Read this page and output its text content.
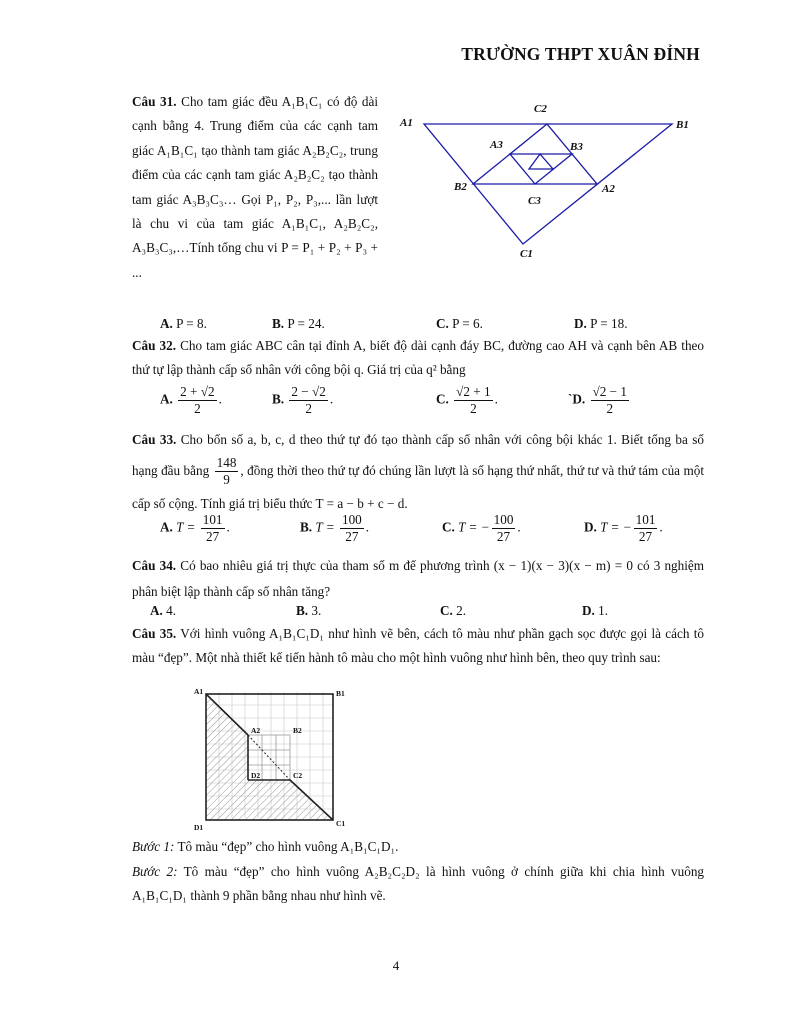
TRƯỜNG THPT XUÂN ĐỈNH
Câu 31. Cho tam giác đều A₁B₁C₁ có độ dài cạnh bằng 4. Trung điểm của các cạnh tam giác A₁B₁C₁ tạo thành tam giác A₂B₂C₂, trung điểm của các cạnh tam giác A₂B₂C₂ tạo thành tam giác A₃B₃C₃… Gọi P₁, P₂, P₃,... lần lượt là chu vi của tam giác A₁B₁C₁, A₂B₂C₂, A₃B₃C₃,…Tính tổng chu vi P = P₁ + P₂ + P₃ + ...
A1	B1
C1
A2
B2
C2
A3	B3
C3
A. P = 8.	B. P = 24.	C. P = 6.	D. P = 18.
Câu 32. Cho tam giác ABC cân tại đỉnh A, biết độ dài cạnh đáy BC, đường cao AH và cạnh bên AB theo thứ tự lập thành cấp số nhân với công bội q. Giá trị của q² bằng
A. $\frac{2 + √2}{2}$ .	B. $\frac{2 - √2}{2}$ .	C. $\frac{√2 + 1}{2}$ .	`D. $\frac{√2 - 1}{2}$
Câu 33. Cho bốn số a, b, c, d theo thứ tự đó tạo thành cấp số nhân với công bội khác 1. Biết tổng ba số hạng đầu bằng $\frac{148}{9}$ , đồng thời theo thứ tự đó chúng lần lượt là số hạng thứ nhất, thứ tư và thứ tám của một cấp số cộng. Tính giá trị biểu thức T = a − b + c − d.
A. $T = \frac{101}{27}$ .	B. $T = \frac{100}{27}$ .	C. T = − $\frac{100}{27}$ .	D. T = − $\frac{101}{27}$ .
Câu 34. Có bao nhiêu giá trị thực của tham số m để phương trình (x − 1)(x − 3)(x − m) = 0 có 3 nghiệm phân biệt lập thành cấp số nhân tăng?
A. 4.	B. 3.	C. 2.	D. 1.
Câu 35. Với hình vuông A₁B₁C₁D₁ như hình vẽ bên, cách tô màu như phần gạch sọc được gọi là cách tô màu “đẹp”. Một nhà thiết kế tiến hành tô màu cho một hình vuông như hình bên, theo quy trình sau:
A1	B1
C1
D1
A2	B2
C2
D2
Bước 1: Tô màu “đẹp” cho hình vuông A₁B₁C₁D₁.
Bước 2: Tô màu “đẹp” cho hình vuông A₂B₂C₂D₂ là hình vuông ở chính giữa khi chia hình vuông A₁B₁C₁D₁ thành 9 phần bằng nhau như hình vẽ.
4
